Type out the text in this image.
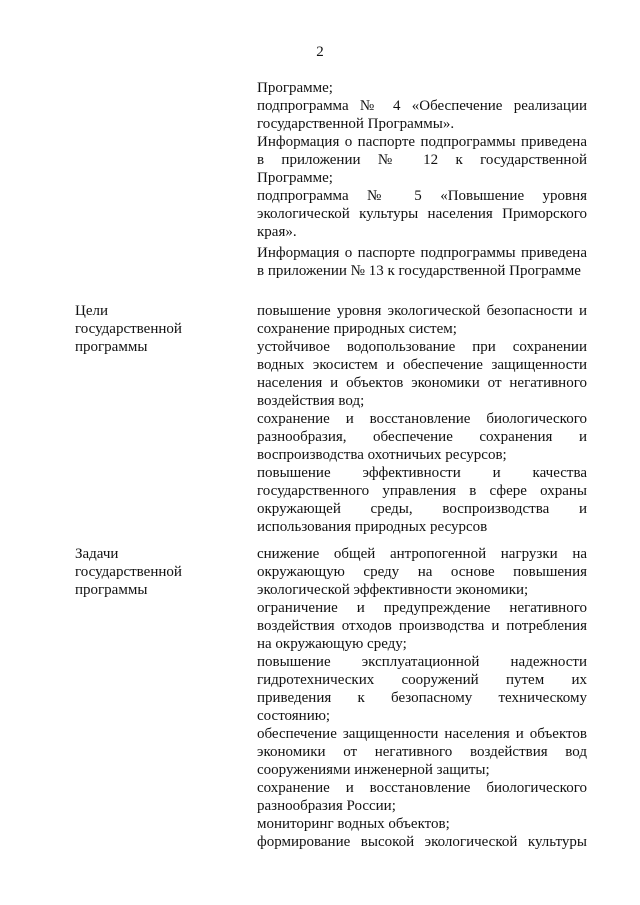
2
Программе;
подпрограмма № 4 «Обеспечение реализации
государственной Программы».
Информация о паспорте подпрограммы приведена
в приложении № 12 к государственной
Программе;
подпрограмма № 5 «Повышение уровня
экологической культуры населения Приморского
края».
Информация о паспорте подпрограммы приведена
в приложении № 13 к государственной Программе
Цели
государственной
программы
повышение уровня экологической безопасности и
сохранение природных систем;
устойчивое водопользование при сохранении
водных экосистем и обеспечение защищенности
населения и объектов экономики от негативного
воздействия вод;
сохранение и восстановление биологического
разнообразия, обеспечение сохранения и
воспроизводства охотничьих ресурсов;
повышение эффективности и качества
государственного управления в сфере охраны
окружающей среды, воспроизводства и
использования природных ресурсов
Задачи
государственной
программы
снижение общей антропогенной нагрузки на
окружающую среду на основе повышения
экологической эффективности экономики;
ограничение и предупреждение негативного
воздействия отходов производства и потребления
на окружающую среду;
повышение эксплуатационной надежности
гидротехнических сооружений путем их
приведения к безопасному техническому
состоянию;
обеспечение защищенности населения и объектов
экономики от негативного воздействия вод
сооружениями инженерной защиты;
сохранение и восстановление биологического
разнообразия России;
мониторинг водных объектов;
формирование высокой экологической культуры
